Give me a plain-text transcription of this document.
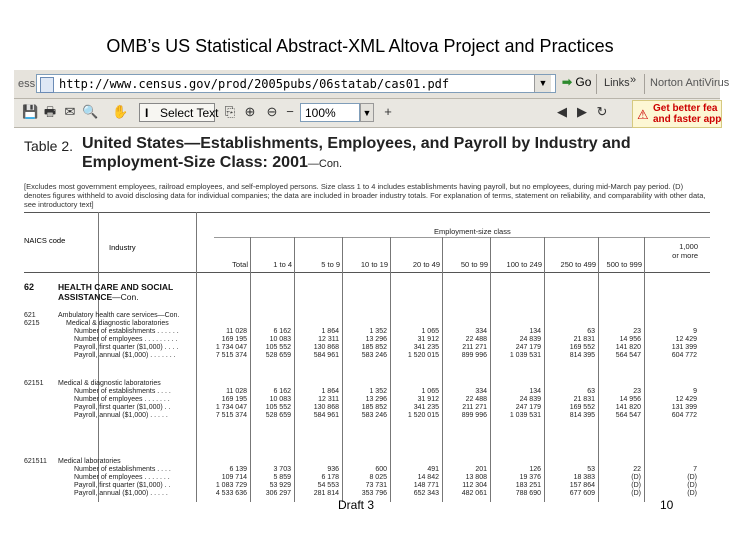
OMB’s US Statistical Abstract-XML Altova Project and Practices
ess	http://www.census.gov/prod/2005pubs/06statab/cas01.pdf	▼ ➡ Go Links » Norton AntiVirus
💾 🖶 ✉ 🔍 ✋ I Select Text ⎘ ⊕ ⊖ − 100%	▼ +	◀ ▶ ↻ ⚠ Get better fea
and faster app
Table 2. United States—Establishments, Employees, and Payroll by Industry and
Employment-Size Class: 2001—Con.
[Excludes most government employees, railroad employees, and self-employed persons. Size class 1 to 4 includes establishments having payroll, but no employees, during mid-March pay period. (D) denotes figures withheld to avoid disclosing data for individual companies; the data are included in broader industry totals. For explanation of terms, statement on reliability, and comparability with other data, see introductory text]
Employment-size class
NAICS code
Industry
Total	1 to 4	5 to 9	10 to 19	20 to 49	50 to 99	100 to 249	250 to 499	500 to 999
1,000
or more
62	HEALTH CARE AND SOCIAL
ASSISTANCE—Con.
621
6215
Ambulatory health care services—Con.
Medical & diagnostic laboratories
Number of establishments . . . . . .	11 028	6 162	1 864	1 352	1 065	334	134	63	23	9
Number of employees . . . . . . . . .	169 195	10 083	12 311	13 296	31 912	22 488	24 839	21 831	14 956	12 429
Payroll, first quarter ($1,000) . . . .	1 734 047	105 552	130 868	185 852	341 235	211 271	247 179	169 552	141 820	131 399
Payroll, annual ($1,000) . . . . . . .	7 515 374	528 659	584 961	583 246	1 520 015	899 996	1 039 531	814 395	564 547	604 772
62151 Medical & diagnostic laboratories
Number of establishments . . . .	11 028	6 162	1 864	1 352	1 065	334	134	63	23	9
Number of employees . . . . . . .	169 195	10 083	12 311	13 296	31 912	22 488	24 839	21 831	14 956	12 429
Payroll, first quarter ($1,000) . .	1 734 047	105 552	130 868	185 852	341 235	211 271	247 179	169 552	141 820	131 399
Payroll, annual ($1,000) . . . . .	7 515 374	528 659	584 961	583 246	1 520 015	899 996	1 039 531	814 395	564 547	604 772
621511 Medical laboratories
Number of establishments . . . .	6 139	3 703	936	600	491	201	126	53	22	7
Number of employees . . . . . . .	109 714	5 859	6 178	8 025	14 842	13 808	19 376	18 383	(D)	(D)
Payroll, first quarter ($1,000) . .	1 083 729	53 929	54 553	73 731	148 771	112 304	183 251	157 864	(D)	(D)
Payroll, annual ($1,000) . . . . .	4 533 636	306 297	281 814	353 796	652 343	482 061	788 690	677 609	(D)	(D)
Draft 3	10
